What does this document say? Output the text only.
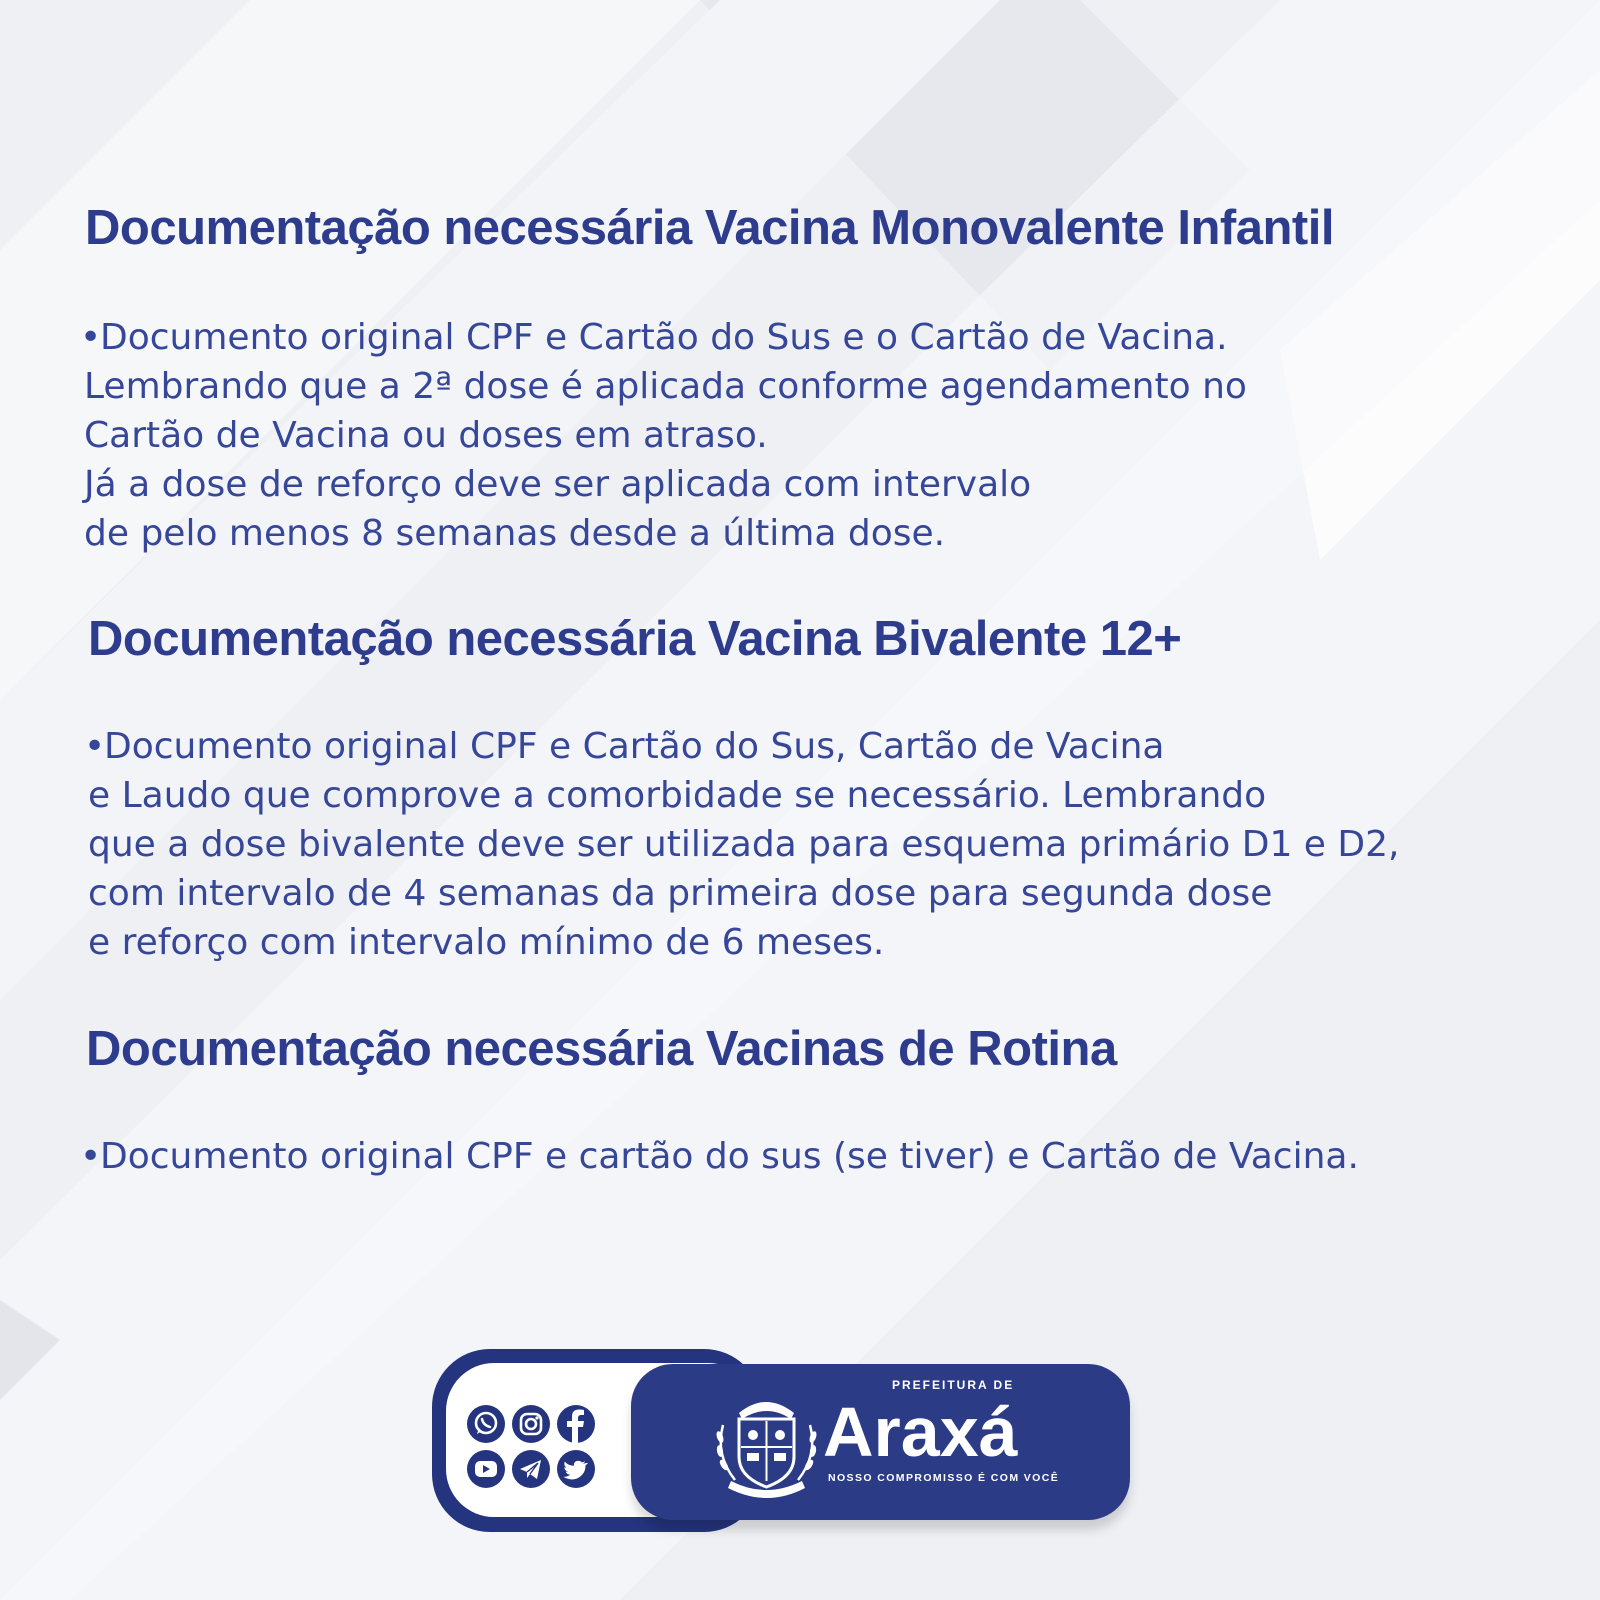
Documentação necessária Vacina Monovalente Infantil
•Documento original CPF e Cartão do Sus e o Cartão de Vacina.
Lembrando que a 2ª dose é aplicada conforme agendamento no
Cartão de Vacina ou doses em atraso.
Já a dose de reforço deve ser aplicada com intervalo
de pelo menos 8 semanas desde a última dose.
Documentação necessária Vacina Bivalente 12+
•Documento original CPF e Cartão do Sus, Cartão de Vacina
e Laudo que comprove a comorbidade se necessário. Lembrando
que a dose bivalente deve ser utilizada para esquema primário D1 e D2,
com intervalo de 4 semanas da primeira dose para segunda dose
e reforço com intervalo mínimo de 6 meses.
Documentação necessária Vacinas de Rotina
•Documento original CPF e cartão do sus (se tiver) e Cartão de Vacina.
PREFEITURA DE
Araxá
NOSSO COMPROMISSO É COM VOCÊ
